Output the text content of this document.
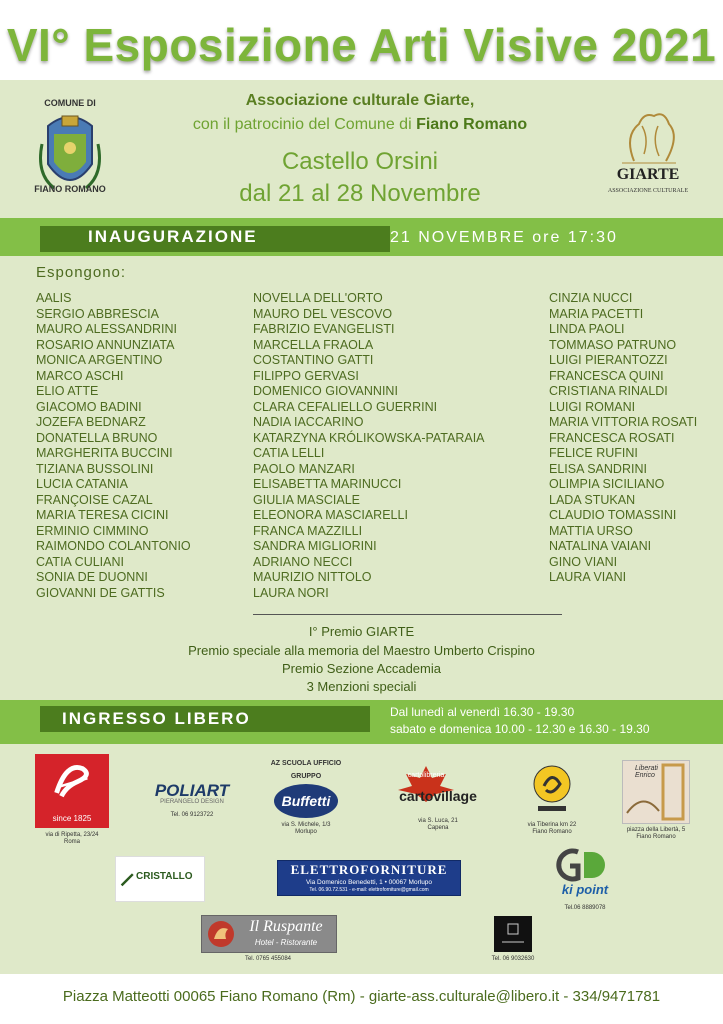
VI° Esposizione Arti Visive 2021
COMUNE DI
FIANO ROMANO
GIARTE
ASSOCIAZIONE CULTURALE
Associazione culturale Giarte,
con il patrocinio del Comune di Fiano Romano
Castello Orsini
dal 21 al 28 Novembre
INAUGURAZIONE	21 NOVEMBRE ore 17:30
Espongono:
AALIS
SERGIO ABBRESCIA
MAURO ALESSANDRINI
ROSARIO ANNUNZIATA
MONICA ARGENTINO
MARCO ASCHI
ELIO ATTE
GIACOMO BADINI
JOZEFA BEDNARZ
DONATELLA BRUNO
MARGHERITA BUCCINI
TIZIANA BUSSOLINI
LUCIA CATANIA
FRANÇOISE CAZAL
MARIA TERESA CICINI
ERMINIO CIMMINO
RAIMONDO COLANTONIO
CATIA CULIANI
SONIA DE DUONNI
GIOVANNI DE GATTIS
NOVELLA DELL'ORTO
MAURO DEL VESCOVO
FABRIZIO EVANGELISTI
MARCELLA FRAOLA
COSTANTINO GATTI
FILIPPO GERVASI
DOMENICO GIOVANNINI
CLARA CEFALIELLO GUERRINI
NADIA IACCARINO
KATARZYNA KRÓLIKOWSKA-PATARAIA
CATIA LELLI
PAOLO MANZARI
ELISABETTA MARINUCCI
GIULIA MASCIALE
ELEONORA MASCIARELLI
FRANCA MAZZILLI
SANDRA MIGLIORINI
ADRIANO NECCI
MAURIZIO NITTOLO
LAURA NORI
CINZIA NUCCI
MARIA PACETTI
LINDA PAOLI
TOMMASO PATRUNO
LUIGI PIERANTOZZI
FRANCESCA QUINI
CRISTIANA RINALDI
LUIGI ROMANI
MARIA VITTORIA ROSATI
FRANCESCA ROSATI
FELICE RUFINI
ELISA SANDRINI
OLIMPIA SICILIANO
LADA STUKAN
CLAUDIO TOMASSINI
MATTIA URSO
NATALINA VAIANI
GINO VIANI
LAURA VIANI
I° Premio GIARTE
Premio speciale alla memoria del Maestro Umberto Crispino
Premio Sezione Accademia
3 Menzioni speciali
INGRESSO LIBERO	Dal lunedì al venerdì 16.30 - 19.30
sabato e domenica 10.00 - 12.30 e 16.30 - 19.30
since 1825
via di Ripetta, 23/24
Roma
POLIART
PIERANGELO DESIGN
Tel. 06 9123722
AZ SCUOLA UFFICIO
GRUPPO
Buffetti
via S. Michele, 1/3
Morlupo
cartolibreria
cartovillage
via S. Luca, 21
Capena	via Tiberina km 22
Fiano Romano
Liberati
Enrico
piazza della Libertà, 5
Fiano Romano
CRISTALLO	ELETTROFORNITURE
Via Domenico Benedetti, 1 • 00067 Morlupo
Tel. 06.90.72.531 - e-mail: elettroforniture@gmail.com	ki point
Tel.06 8889078
Il Ruspante
Hotel - Ristorante
Tel. 0765 455084	Tel. 06 9032630
Piazza Matteotti 00065 Fiano Romano (Rm) - giarte-ass.culturale@libero.it - 334/9471781
